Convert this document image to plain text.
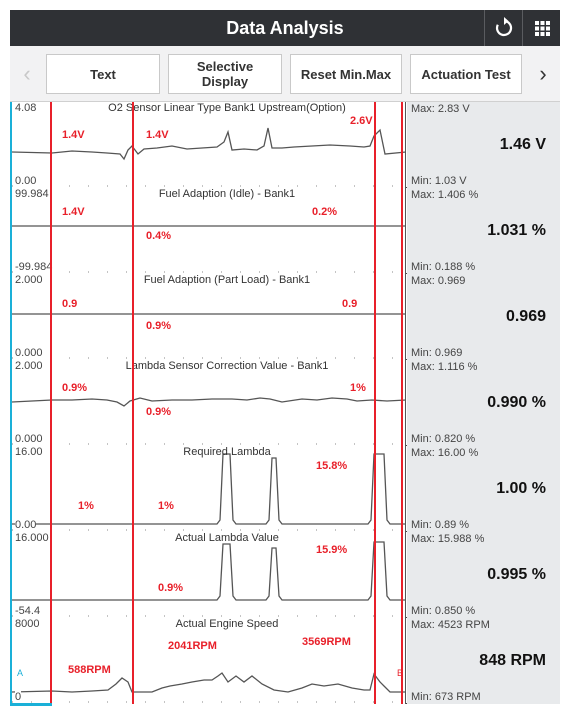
Data Analysis
‹	Text	Selective
Display	Reset Min.Max	Actuation Test	›
4.08
0.00
O2 Sensor Linear Type Bank1 Upstream(Option)
1.4V	1.4V
2.6V
Max: 2.83 V
1.46 V
Min: 1.03 V
99.984
-99.984
Fuel Adaption (Idle) - Bank1
1.4V
0.4%
0.2%
Max: 1.406 %
1.031 %
Min: 0.188 %
2.000
0.000
Fuel Adaption (Part Load) - Bank1
0.9
0.9%
0.9
Max: 0.969
0.969
Min: 0.969
2.000
0.000
Lambda Sensor Correction Value - Bank1
0.9%
0.9%
1%
Max: 1.116 %
0.990 %
Min: 0.820 %
16.00
0.00
Required Lambda
1%	1%
15.8%
Max: 16.00 %
1.00 %
Min: 0.89 %
16.000
-54.4
Actual Lambda Value
0.9%
15.9%
Max: 15.988 %
0.995 %
Min: 0.850 %
8000
0
Actual Engine Speed
588RPM
2041RPM	3569RPM
A	B
Max: 4523 RPM
848 RPM
Min: 673 RPM
